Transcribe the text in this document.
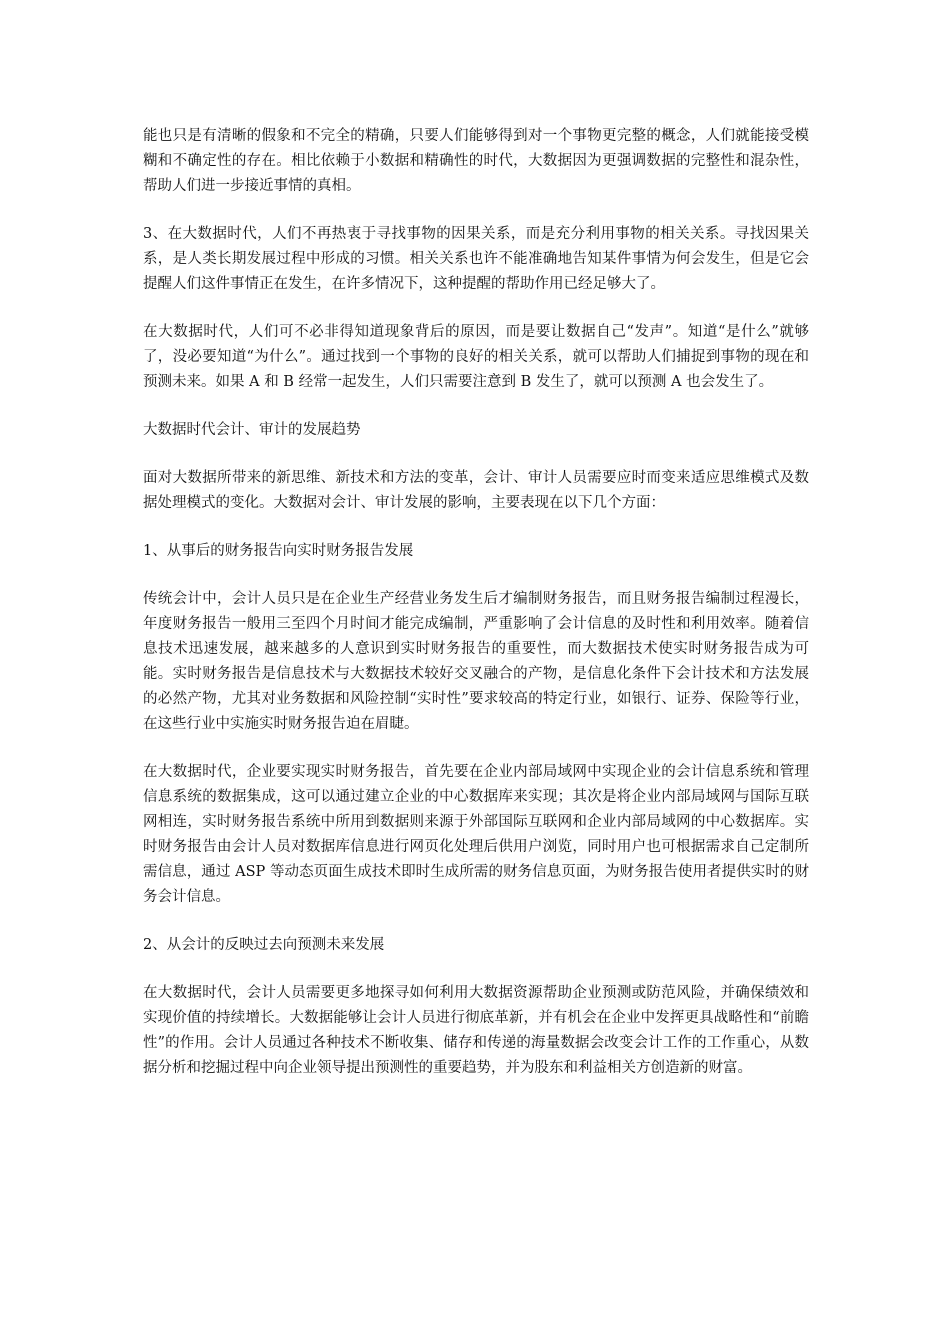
能也只是有清晰的假象和不完全的精确，只要人们能够得到对一个事物更完整的概念，人们就能接受模糊和不确定性的存在。相比依赖于小数据和精确性的时代，大数据因为更强调数据的完整性和混杂性，帮助人们进一步接近事情的真相。

3、在大数据时代，人们不再热衷于寻找事物的因果关系，而是充分利用事物的相关关系。寻找因果关系，是人类长期发展过程中形成的习惯。相关关系也许不能准确地告知某件事情为何会发生，但是它会提醒人们这件事情正在发生，在许多情况下，这种提醒的帮助作用已经足够大了。

在大数据时代，人们可不必非得知道现象背后的原因，而是要让数据自己“发声”。知道“是什么”就够了，没必要知道“为什么”。通过找到一个事物的良好的相关关系，就可以帮助人们捕捉到事物的现在和预测未来。如果 A 和 B 经常一起发生，人们只需要注意到 B 发生了，就可以预测 A 也会发生了。

大数据时代会计、审计的发展趋势

面对大数据所带来的新思维、新技术和方法的变革，会计、审计人员需要应时而变来适应思维模式及数据处理模式的变化。大数据对会计、审计发展的影响，主要表现在以下几个方面：

1、从事后的财务报告向实时财务报告发展

传统会计中，会计人员只是在企业生产经营业务发生后才编制财务报告，而且财务报告编制过程漫长，年度财务报告一般用三至四个月时间才能完成编制，严重影响了会计信息的及时性和利用效率。随着信息技术迅速发展，越来越多的人意识到实时财务报告的重要性，而大数据技术使实时财务报告成为可能。实时财务报告是信息技术与大数据技术较好交叉融合的产物，是信息化条件下会计技术和方法发展的必然产物，尤其对业务数据和风险控制“实时性”要求较高的特定行业，如银行、证券、保险等行业，在这些行业中实施实时财务报告迫在眉睫。

在大数据时代，企业要实现实时财务报告，首先要在企业内部局域网中实现企业的会计信息系统和管理信息系统的数据集成，这可以通过建立企业的中心数据库来实现；其次是将企业内部局域网与国际互联网相连，实时财务报告系统中所用到数据则来源于外部国际互联网和企业内部局域网的中心数据库。实时财务报告由会计人员对数据库信息进行网页化处理后供用户浏览，同时用户也可根据需求自己定制所需信息，通过 ASP 等动态页面生成技术即时生成所需的财务信息页面，为财务报告使用者提供实时的财务会计信息。

2、从会计的反映过去向预测未来发展

在大数据时代，会计人员需要更多地探寻如何利用大数据资源帮助企业预测或防范风险，并确保绩效和实现价值的持续增长。大数据能够让会计人员进行彻底革新，并有机会在企业中发挥更具战略性和“前瞻性”的作用。会计人员通过各种技术不断收集、储存和传递的海量数据会改变会计工作的工作重心，从数据分析和挖掘过程中向企业领导提出预测性的重要趋势，并为股东和利益相关方创造新的财富。
